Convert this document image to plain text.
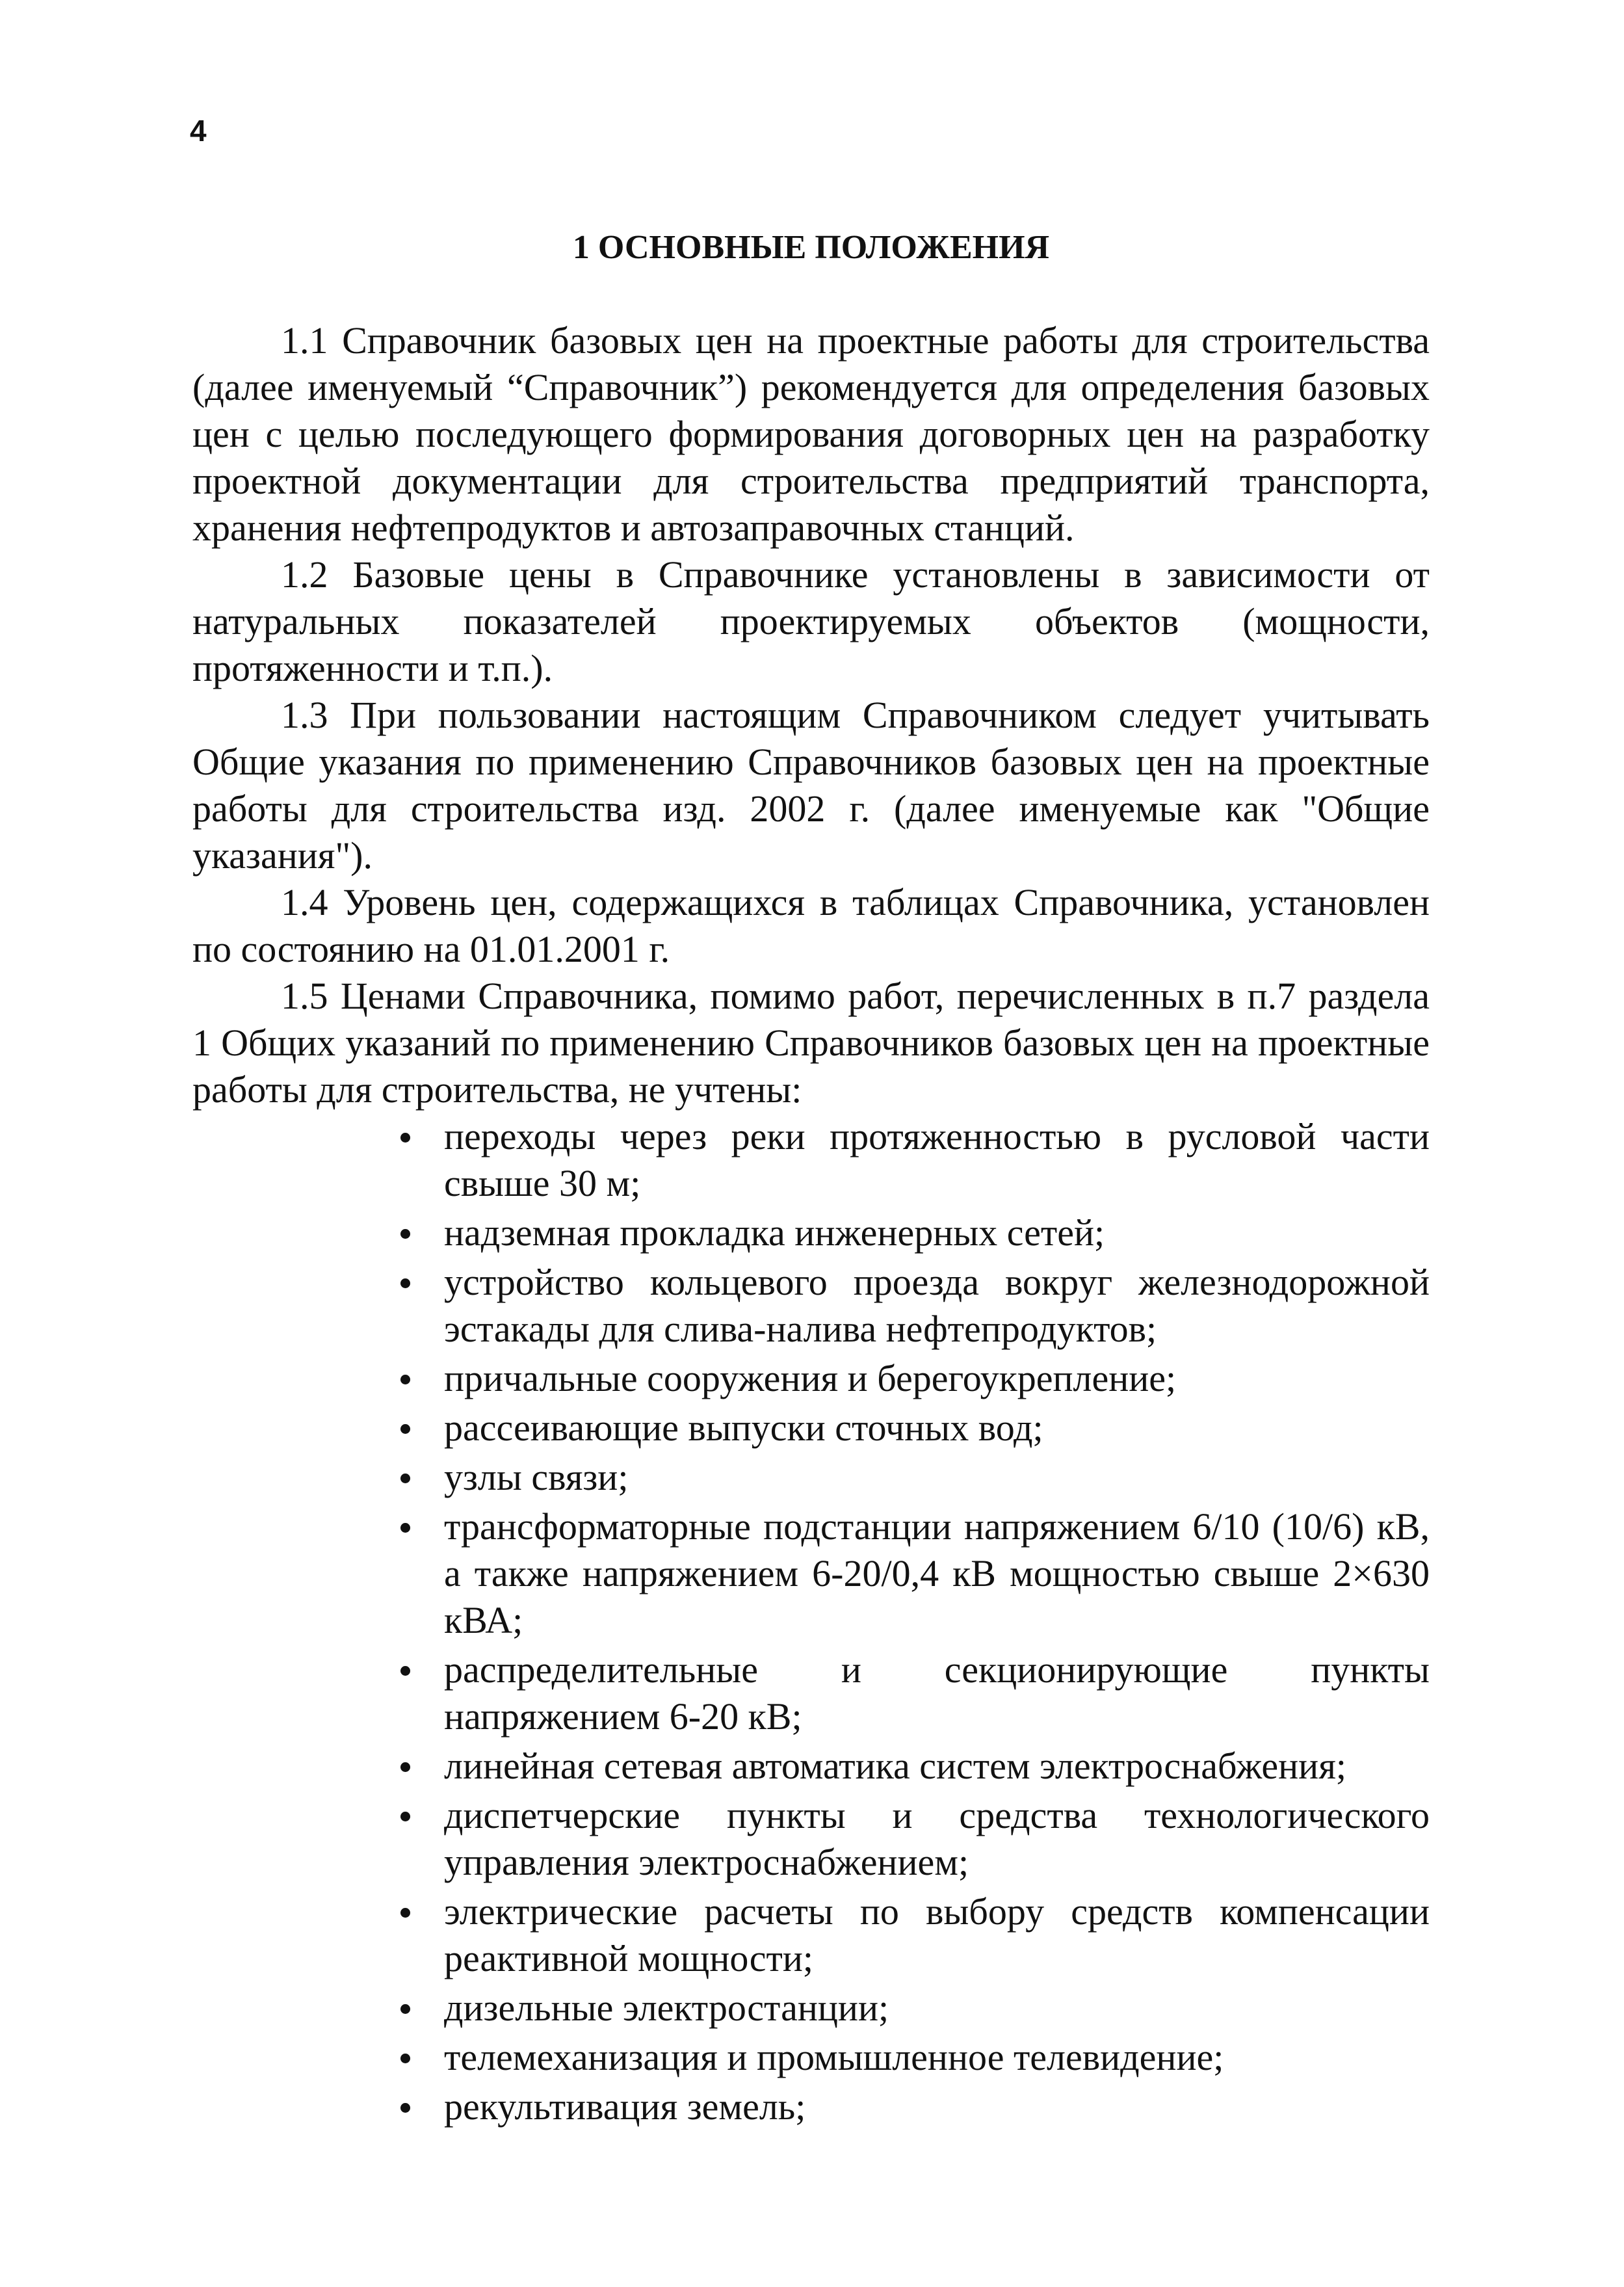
4
1 ОСНОВНЫЕ ПОЛОЖЕНИЯ

1.1 Справочник базовых цен на проектные работы для строительства (далее именуемый “Справочник”) рекомендуется для определения базовых цен с целью последующего формирования договорных цен на разработку проектной документации для строительства предприятий транспорта, хранения нефтепродуктов и автозаправочных станций.

1.2 Базовые цены в Справочнике установлены в зависимости от натуральных показателей проектируемых объектов (мощности, протяженности и т.п.).

1.3 При пользовании настоящим Справочником следует учитывать Общие указания по применению Справочников базовых цен на проектные работы для строительства изд. 2002 г. (далее именуемые как "Общие указания").

1.4 Уровень цен, содержащихся в таблицах Справочника, установлен по состоянию на 01.01.2001 г.

1.5 Ценами Справочника, помимо работ, перечисленных в п.7 раздела 1 Общих указаний по применению Справочников базовых цен на проектные работы для строительства, не учтены:

переходы через реки протяженностью в русловой части свыше 30 м;
надземная прокладка инженерных сетей;
устройство кольцевого проезда вокруг железнодорожной эстакады для слива-налива нефтепродуктов;
причальные сооружения и берегоукрепление;
рассеивающие выпуски сточных вод;
узлы связи;
трансформаторные подстанции напряжением 6/10 (10/6) кВ, а также напряжением 6-20/0,4 кВ мощностью свыше 2×630 кВА;
распределительные и секционирующие пункты напряжением 6-20 кВ;
линейная сетевая автоматика систем электроснабжения;
диспетчерские пункты и средства технологического управления электроснабжением;
электрические расчеты по выбору средств компенсации реактивной мощности;
дизельные электростанции;
телемеханизация и промышленное телевидение;
рекультивация земель;
